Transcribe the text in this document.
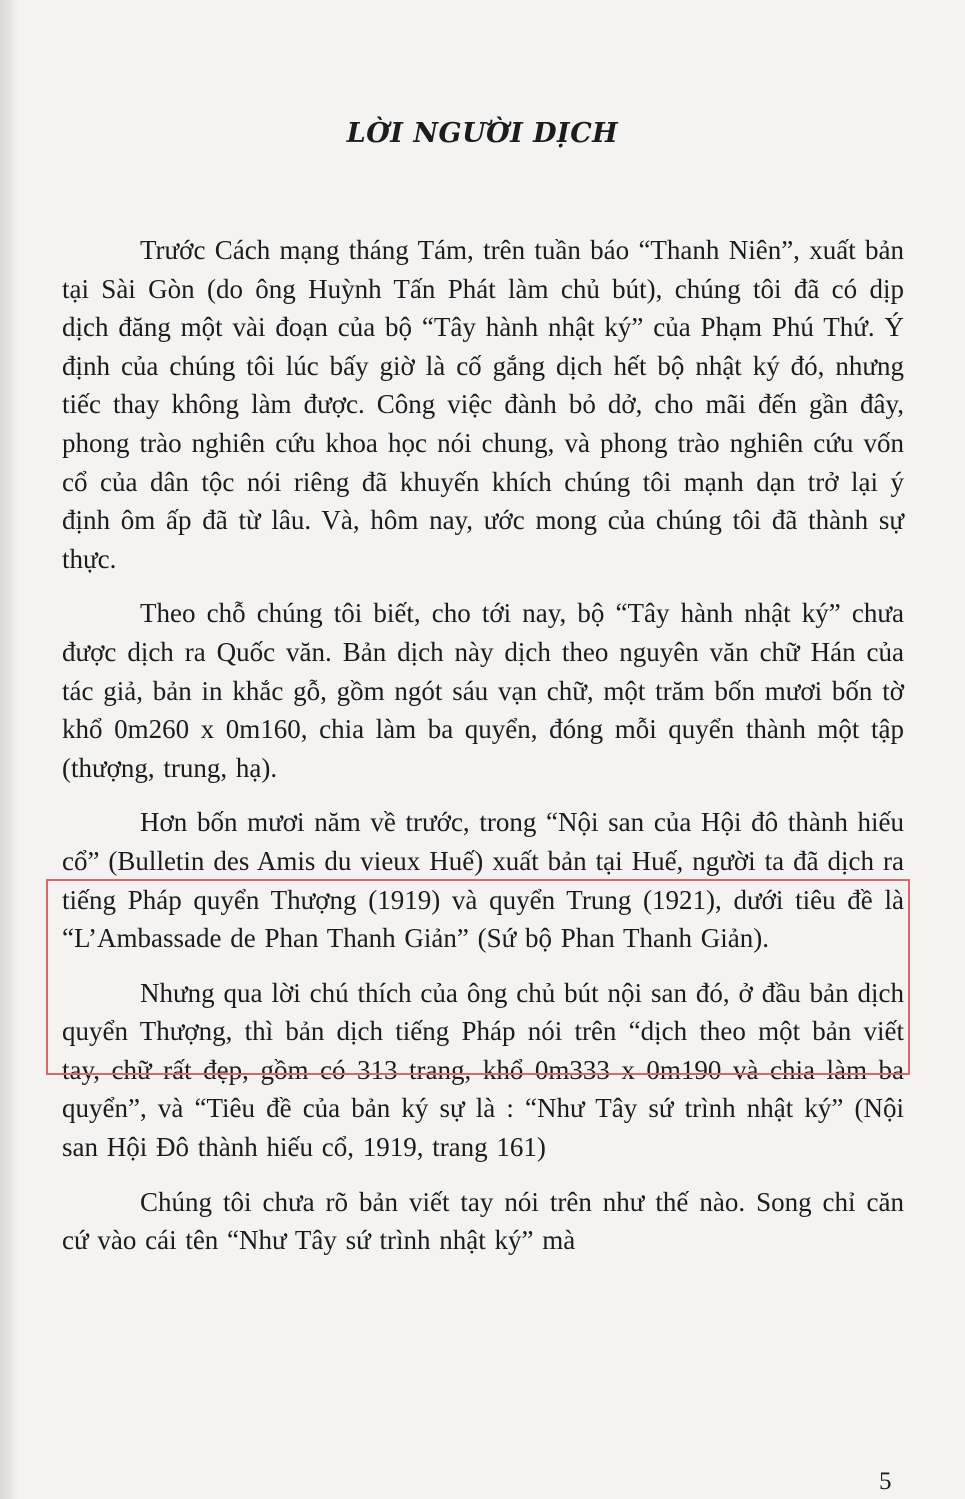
LỜI NGƯỜI DỊCH

Trước Cách mạng tháng Tám, trên tuần báo “Thanh Niên”, xuất bản tại Sài Gòn (do ông Huỳnh Tấn Phát làm chủ bút), chúng tôi đã có dịp dịch đăng một vài đoạn của bộ “Tây hành nhật ký” của Phạm Phú Thứ. Ý định của chúng tôi lúc bấy giờ là cố gắng dịch hết bộ nhật ký đó, nhưng tiếc thay không làm được. Công việc đành bỏ dở, cho mãi đến gần đây, phong trào nghiên cứu khoa học nói chung, và phong trào nghiên cứu vốn cổ của dân tộc nói riêng đã khuyến khích chúng tôi mạnh dạn trở lại ý định ôm ấp đã từ lâu. Và, hôm nay, ước mong của chúng tôi đã thành sự thực.

Theo chỗ chúng tôi biết, cho tới nay, bộ “Tây hành nhật ký” chưa được dịch ra Quốc văn. Bản dịch này dịch theo nguyên văn chữ Hán của tác giả, bản in khắc gỗ, gồm ngót sáu vạn chữ, một trăm bốn mươi bốn tờ khổ 0m260 x 0m160, chia làm ba quyển, đóng mỗi quyển thành một tập (thượng, trung, hạ).

Hơn bốn mươi năm về trước, trong “Nội san của Hội đô thành hiếu cổ” (Bulletin des Amis du vieux Huế) xuất bản tại Huế, người ta đã dịch ra tiếng Pháp quyển Thượng (1919) và quyển Trung (1921), dưới tiêu đề là “L’Ambassade de Phan Thanh Giản” (Sứ bộ Phan Thanh Giản).

Nhưng qua lời chú thích của ông chủ bút nội san đó, ở đầu bản dịch quyển Thượng, thì bản dịch tiếng Pháp nói trên “dịch theo một bản viết tay, chữ rất đẹp, gồm có 313 trang, khổ 0m333 x 0m190 và chia làm ba quyển”, và “Tiêu đề của bản ký sự là : “Như Tây sứ trình nhật ký” (Nội san Hội Đô thành hiếu cổ, 1919, trang 161)

Chúng tôi chưa rõ bản viết tay nói trên như thế nào. Song chỉ căn cứ vào cái tên “Như Tây sứ trình nhật ký” mà

5
